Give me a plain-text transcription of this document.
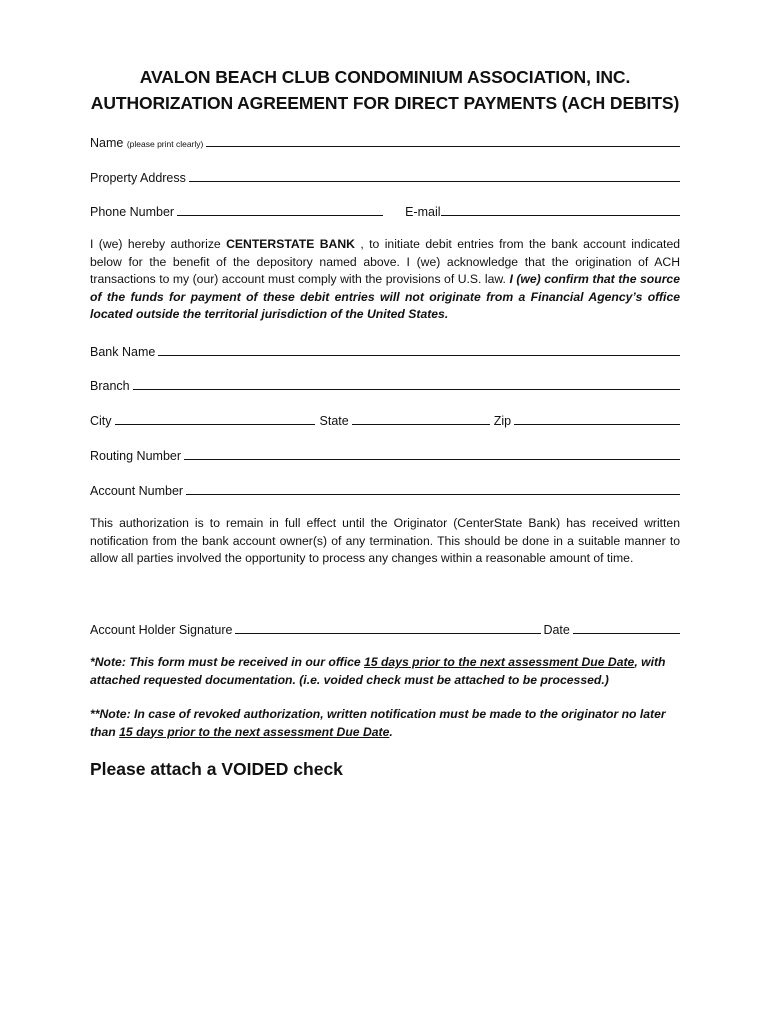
AVALON BEACH CLUB CONDOMINIUM ASSOCIATION, INC.
AUTHORIZATION AGREEMENT FOR DIRECT PAYMENTS (ACH DEBITS)
Name (please print clearly)
Property Address
Phone Number	E-mail

I (we) hereby authorize CENTERSTATE BANK , to initiate debit entries from the bank account indicated below for the benefit of the depository named above. I (we) acknowledge that the origination of ACH transactions to my (our) account must comply with the provisions of U.S. law. I (we) confirm that the source of the funds for payment of these debit entries will not originate from a Financial Agency’s office located outside the territorial jurisdiction of the United States.

Bank Name
Branch
City	State	Zip
Routing Number
Account Number

This authorization is to remain in full effect until the Originator (CenterState Bank) has received written notification from the bank account owner(s) of any termination. This should be done in a suitable manner to allow all parties involved the opportunity to process any changes within a reasonable amount of time.

Account Holder Signature	Date

*Note: This form must be received in our office 15 days prior to the next assessment Due Date, with attached requested documentation. (i.e. voided check must be attached to be processed.)

**Note: In case of revoked authorization, written notification must be made to the originator no later than 15 days prior to the next assessment Due Date.

Please attach a VOIDED check
